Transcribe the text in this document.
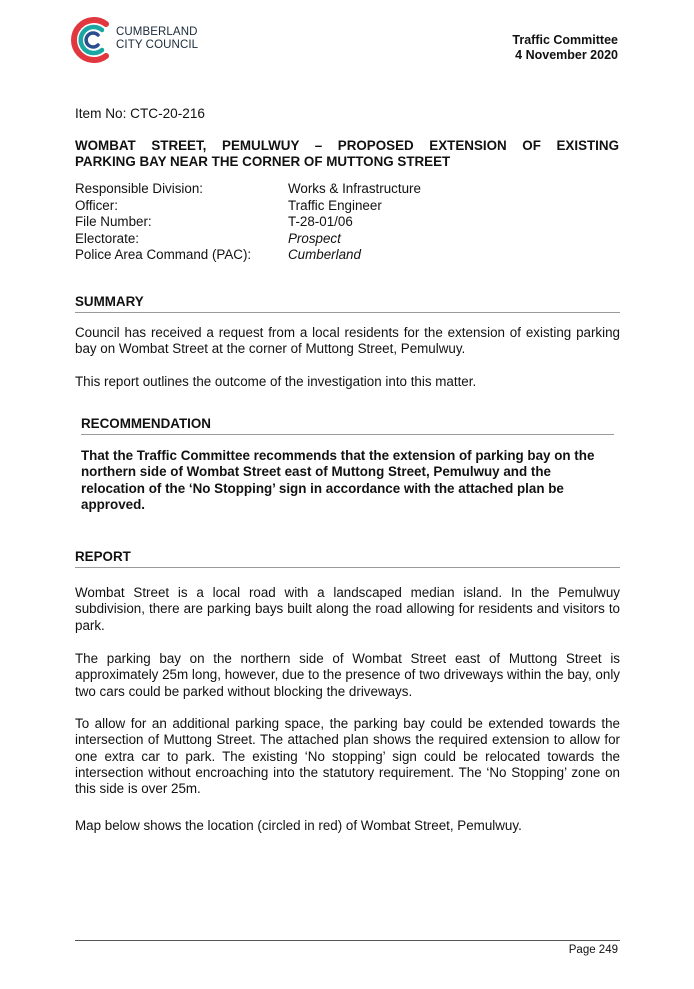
CUMBERLAND
CITY COUNCIL	Traffic Committee
4 November 2020
Item No: CTC-20-216
WOMBAT STREET, PEMULWUY – PROPOSED EXTENSION OF EXISTING
PARKING BAY NEAR THE CORNER OF MUTTONG STREET
Responsible Division:	Works & Infrastructure
Officer:	Traffic Engineer
File Number:	T-28-01/06
Electorate:	Prospect
Police Area Command (PAC):	Cumberland
SUMMARY
Council has received a request from a local residents for the extension of existing parking bay on Wombat Street at the corner of Muttong Street, Pemulwuy.
This report outlines the outcome of the investigation into this matter.
RECOMMENDATION
That the Traffic Committee recommends that the extension of parking bay on the northern side of Wombat Street east of Muttong Street, Pemulwuy and the relocation of the ‘No Stopping’ sign in accordance with the attached plan be approved.
REPORT
Wombat Street is a local road with a landscaped median island. In the Pemulwuy subdivision, there are parking bays built along the road allowing for residents and visitors to park.
The parking bay on the northern side of Wombat Street east of Muttong Street is approximately 25m long, however, due to the presence of two driveways within the bay, only two cars could be parked without blocking the driveways.
To allow for an additional parking space, the parking bay could be extended towards the intersection of Muttong Street. The attached plan shows the required extension to allow for one extra car to park. The existing ‘No stopping’ sign could be relocated towards the intersection without encroaching into the statutory requirement. The ‘No Stopping’ zone on this side is over 25m.
Map below shows the location (circled in red) of Wombat Street, Pemulwuy.
Page 249
